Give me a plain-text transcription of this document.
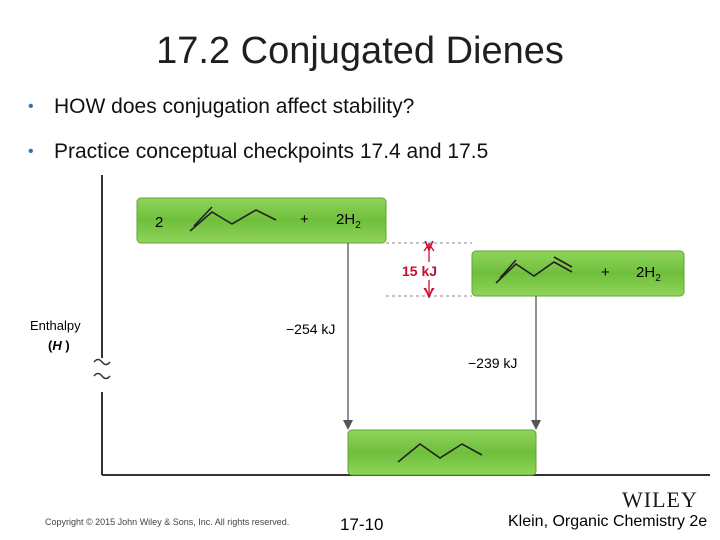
17.2 Conjugated Dienes
• HOW does conjugation affect stability?
• Practice conceptual checkpoints 17.4 and 17.5
Enthalpy
(H )
2	+ $2H_2$
+ $2H_2$
15 kJ
−254 kJ
−239 kJ
WILEY
Copyright © 2015 John Wiley & Sons, Inc. All rights reserved.	17-10	Klein, Organic Chemistry 2e
